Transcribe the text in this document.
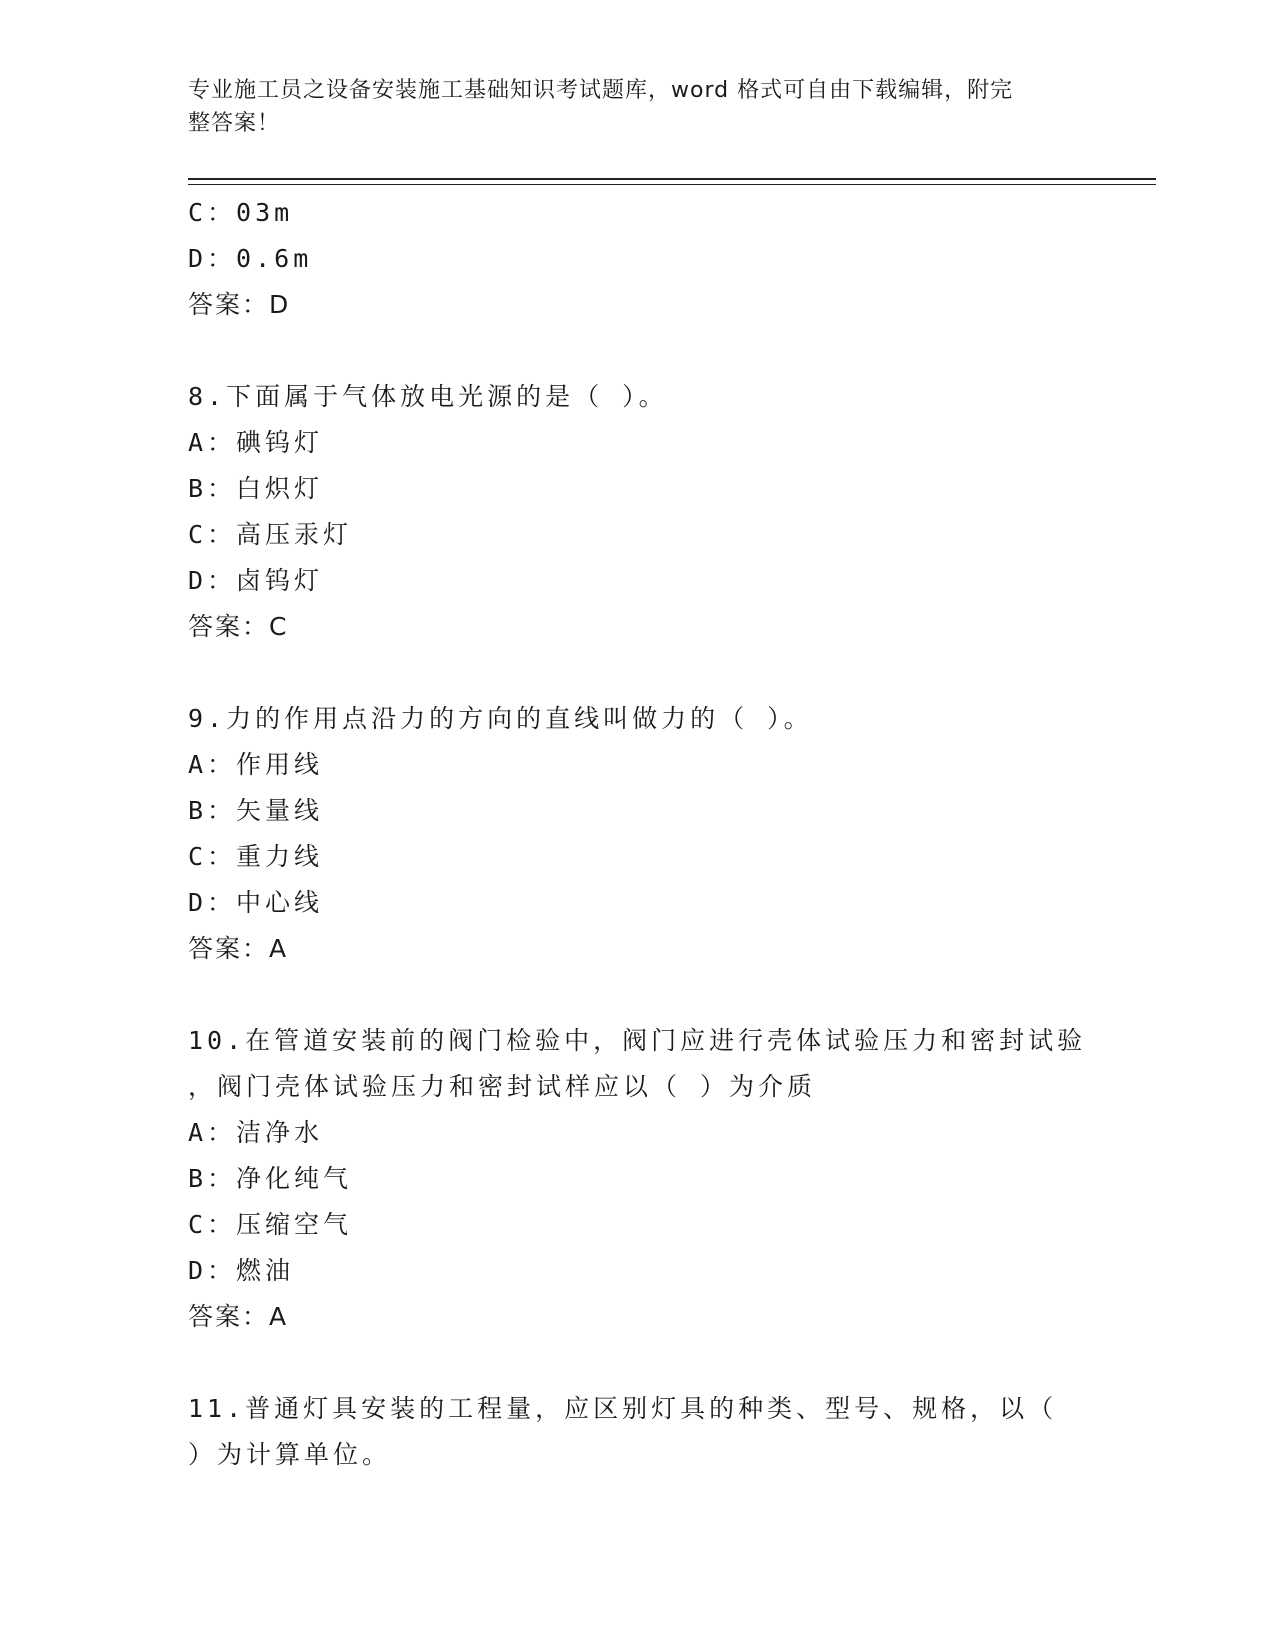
专业施工员之设备安装施工基础知识考试题库，word 格式可自由下载编辑，附完
整答案！
C：03m
D：0.6m
答案：D
8.下面属于气体放电光源的是（ ）。
A：碘钨灯
B：白炽灯
C：高压汞灯
D：卤钨灯
答案：C
9.力的作用点沿力的方向的直线叫做力的（ ）。
A：作用线
B：矢量线
C：重力线
D：中心线
答案：A
10.在管道安装前的阀门检验中，阀门应进行壳体试验压力和密封试验
，阀门壳体试验压力和密封试样应以（ ）为介质
A：洁净水
B：净化纯气
C：压缩空气
D：燃油
答案：A
11.普通灯具安装的工程量，应区别灯具的种类、型号、规格，以（
）为计算单位。
